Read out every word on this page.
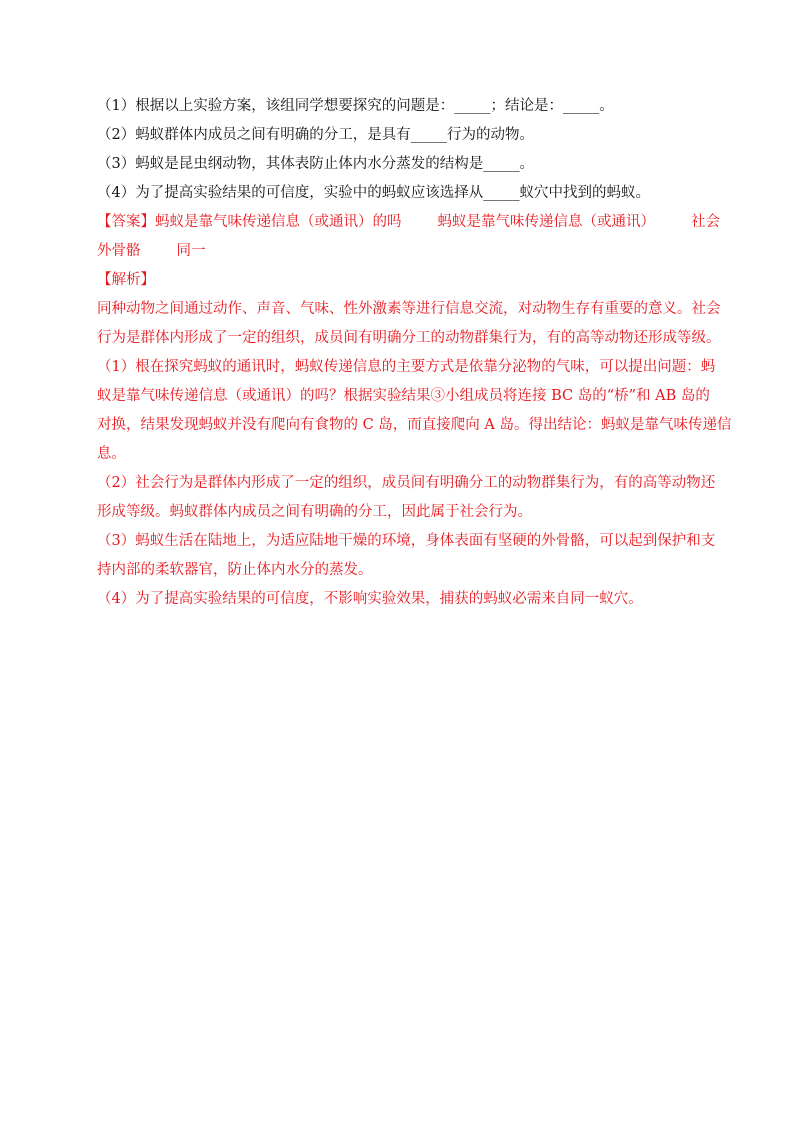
（1）根据以上实验方案，该组同学想要探究的问题是：_____；结论是：_____。
（2）蚂蚁群体内成员之间有明确的分工，是具有_____行为的动物。
（3）蚂蚁是昆虫纲动物，其体表防止体内水分蒸发的结构是_____。
（4）为了提高实验结果的可信度，实验中的蚂蚁应该选择从_____蚁穴中找到的蚂蚁。
【答案】蚂蚁是靠气味传递信息（或通讯）的吗 蚂蚁是靠气味传递信息（或通讯） 社会
外骨骼 同一
【解析】
同种动物之间通过动作、声音、气味、性外激素等进行信息交流，对动物生存有重要的意义。社会
行为是群体内形成了一定的组织，成员间有明确分工的动物群集行为，有的高等动物还形成等级。
（1）根在探究蚂蚁的通讯时，蚂蚁传递信息的主要方式是依靠分泌物的气味，可以提出问题：蚂
蚁是靠气味传递信息（或通讯）的吗？根据实验结果③小组成员将连接 BC 岛的“桥”和 AB 岛的
对换，结果发现蚂蚁并没有爬向有食物的 C 岛，而直接爬向 A 岛。得出结论：蚂蚁是靠气味传递信
息。
（2）社会行为是群体内形成了一定的组织，成员间有明确分工的动物群集行为，有的高等动物还
形成等级。蚂蚁群体内成员之间有明确的分工，因此属于社会行为。
（3）蚂蚁生活在陆地上，为适应陆地干燥的环境，身体表面有坚硬的外骨骼，可以起到保护和支
持内部的柔软器官，防止体内水分的蒸发。
（4）为了提高实验结果的可信度，不影响实验效果，捕获的蚂蚁必需来自同一蚁穴。
